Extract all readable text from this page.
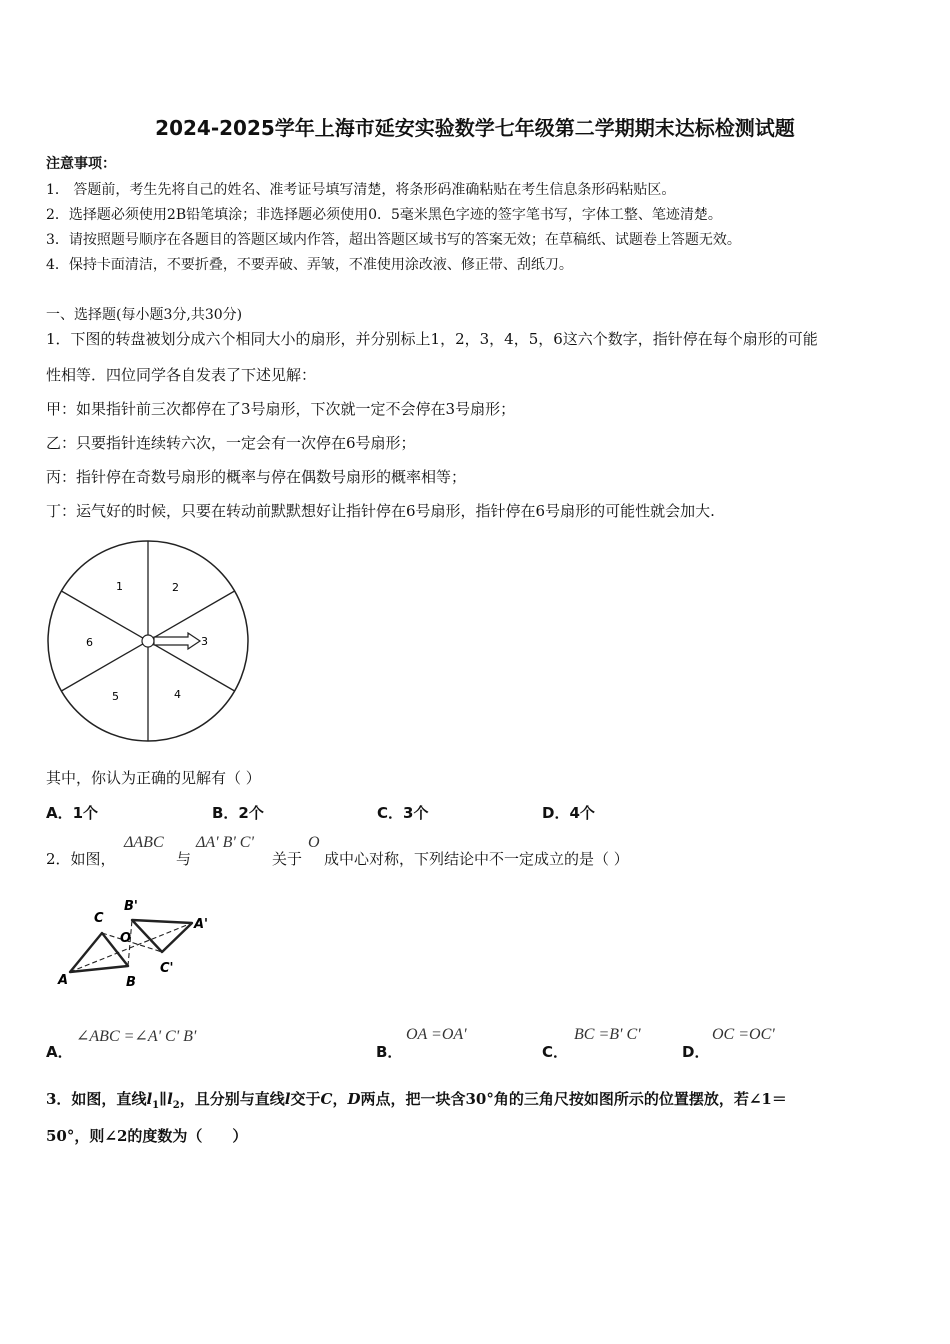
2024-2025学年上海市延安实验数学七年级第二学期期末达标检测试题
注意事项：
1． 答题前，考生先将自己的姓名、准考证号填写清楚，将条形码准确粘贴在考生信息条形码粘贴区。
2．选择题必须使用2B铅笔填涂；非选择题必须使用0．5毫米黑色字迹的签字笔书写，字体工整、笔迹清楚。
3．请按照题号顺序在各题目的答题区域内作答，超出答题区域书写的答案无效；在草稿纸、试题卷上答题无效。
4．保持卡面清洁，不要折叠，不要弄破、弄皱，不准使用涂改液、修正带、刮纸刀。
一、选择题(每小题3分,共30分)
1．下图的转盘被划分成六个相同大小的扇形，并分别标上1，2，3，4，5，6这六个数字，指针停在每个扇形的可能
性相等．四位同学各自发表了下述见解：
甲：如果指针前三次都停在了3号扇形，下次就一定不会停在3号扇形；
乙：只要指针连续转六次，一定会有一次停在6号扇形；
丙：指针停在奇数号扇形的概率与停在偶数号扇形的概率相等；
丁：运气好的时候，只要在转动前默默想好让指针停在6号扇形，指针停在6号扇形的可能性就会加大.
1	2
3
4
5
6
其中，你认为正确的见解有（ ）
A．1个	B．2个	C．3个	D．4个
2．如图，
ΔABC
与
ΔA' B' C'
关于
O
成中心对称，下列结论中不一定成立的是（ ）
C
A	B
B'
A'
C'
O
A．
∠ABC =∠A' C' B'
B．
OA =OA'
C．
BC =B' C'
D．
OC =OC'
3．如图，直线$l_1\parallel l_2$，且分别与直线l交于C，D两点，把一块含30°角的三角尺按如图所示的位置摆放，若∠1＝
50°，则∠2的度数为（　　）
